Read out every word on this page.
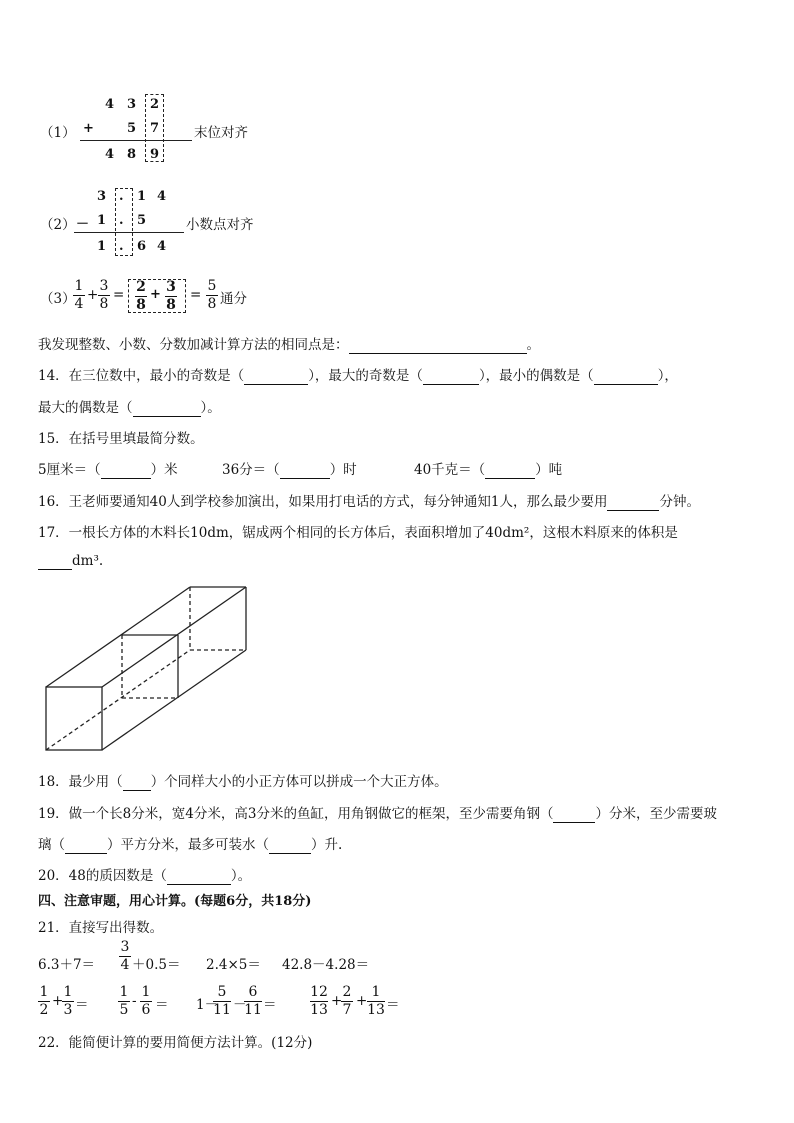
（1）
4 3 2
+	5 7
4 8 9
末位对齐
（2）
3 . 1 4
－ 1 . 5
1 . 6 4
小数点对齐
（3）
1
4
+
3
8
= 2
8
+ 3
8
=
5
8 通分
我发现整数、小数、分数加减计算方法的相同点是：	。
14．在三位数中，最小的奇数是（	），最大的奇数是（	），最小的偶数是（	），
最大的偶数是（	）。
15．在括号里填最简分数。
5厘米＝（	）米	36分＝（	）时	40千克＝（	）吨
16．王老师要通知40人到学校参加演出，如果用打电话的方式，每分钟通知1人，那么最少要用	分钟。
17．一根长方体的木料长10dm，锯成两个相同的长方体后，表面积增加了40dm²，这根木料原来的体积是
dm³.
18．最少用（ ）个同样大小的小正方体可以拼成一个大正方体。
19．做一个长8分米，宽4分米，高3分米的鱼缸，用角钢做它的框架，至少需要角钢（	）分米，至少需要玻
璃（	）平方分米，最多可装水（	）升.
20．48的质因数是（	）。
四、注意审题，用心计算。(每题6分，共18分)
21．直接写出得数。
6.3＋7＝
3
4 ＋0.5＝ 2.4×5＝ 42.8－4.28＝
1
2
+
1
3 ＝
1
5
-
1
6 ＝ 1－
5
11 －
6
11 ＝
12
13
+
2
7
+
1
13 ＝
22．能简便计算的要用简便方法计算。(12分)
